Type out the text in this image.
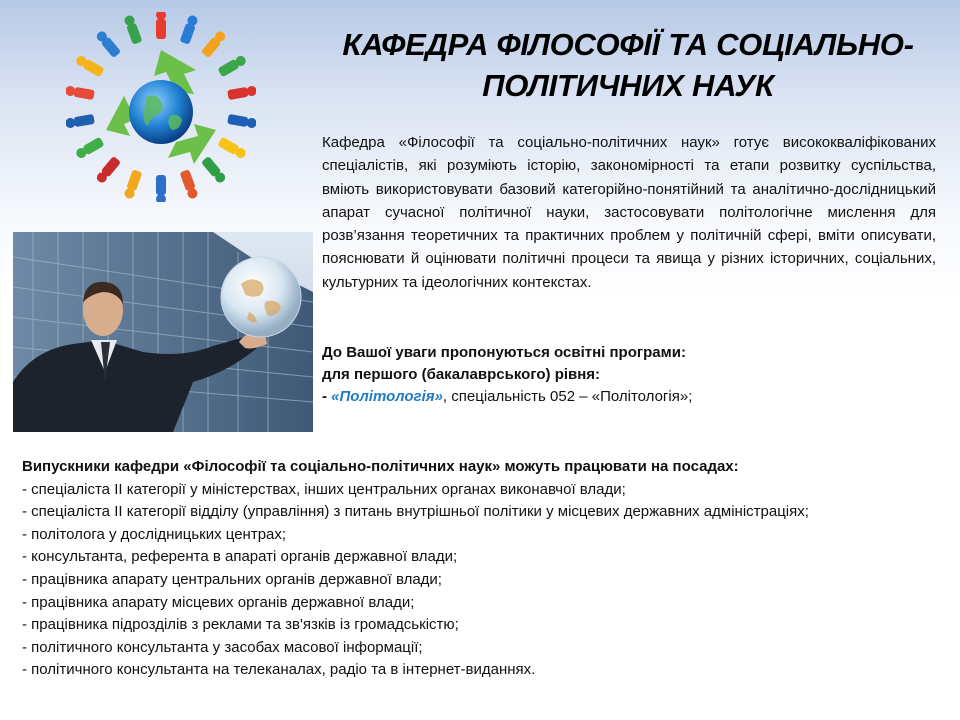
КАФЕДРА ФІЛОСОФІЇ ТА СОЦІАЛЬНО-
ПОЛІТИЧНИХ НАУК

Кафедра «Філософії та соціально-політичних наук» готує висококваліфікованих спеціалістів, які розуміють історію, закономірності та етапи розвитку суспільства, вміють використовувати базовий категорійно-понятійний та аналітично-дослідницький апарат сучасної політичної науки, застосовувати політологічне мислення для розв’язання теоретичних та практичних проблем у політичній сфері, вміти описувати, пояснювати й оцінювати політичні процеси та явища у різних історичних, соціальних, культурних та ідеологічних контекстах.

До Вашої уваги пропонуються освітні програми:
для першого (бакалаврського) рівня:
- «Політологія», спеціальність 052 – «Політологія»;
Випускники кафедри «Філософії та соціально-політичних наук» можуть працювати на посадах:
- спеціаліста ІІ категорії у міністерствах, інших центральних органах виконавчої влади;
- спеціаліста ІІ категорії відділу (управління) з питань внутрішньої політики у місцевих державних адміністраціях;
- політолога у дослідницьких центрах;
- консультанта, референта в апараті органів державної влади;
- працівника апарату центральних органів державної влади;
- працівника апарату місцевих органів державної влади;
- працівника підрозділів з реклами та зв'язків із громадськістю;
- політичного консультанта у засобах масової інформації;
- політичного консультанта на телеканалах, радіо та в інтернет-виданнях.
